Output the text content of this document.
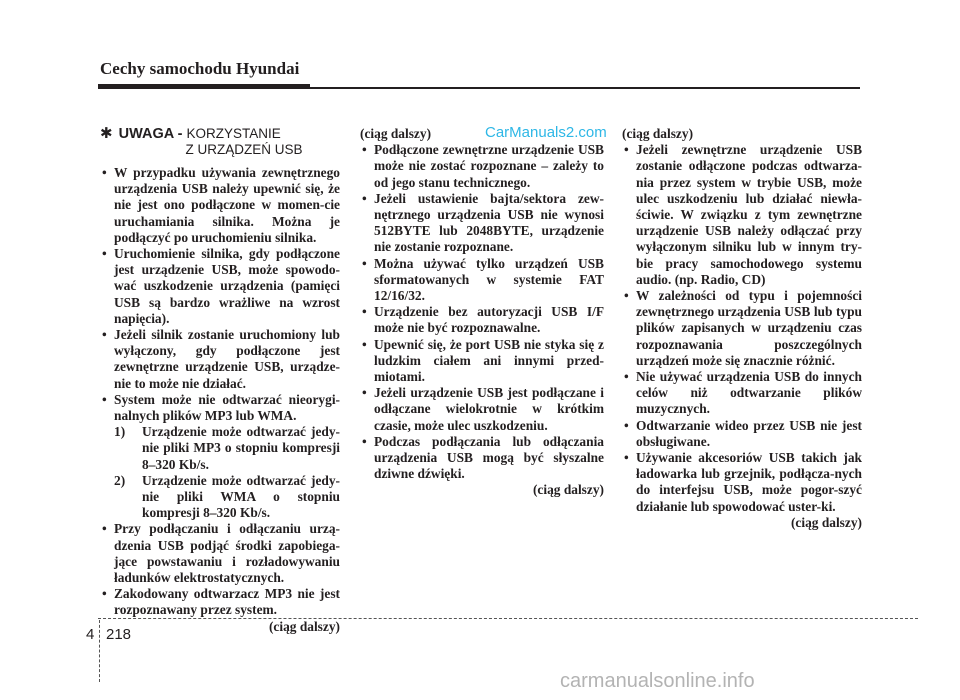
Cechy samochodu Hyundai
CarManuals2.com
✱ UWAGA - KORZYSTANIE
Z URZĄDZEŃ USB
• W przypadku używania zewnętrznego urządzenia USB należy upewnić się, że nie jest ono podłączone w momen-cie uruchamiania silnika. Można je podłączyć po uruchomieniu silnika.
• Uruchomienie silnika, gdy podłączone jest urządzenie USB, może spowodo-wać uszkodzenie urządzenia (pamięci USB są bardzo wrażliwe na wzrost napięcia).
• Jeżeli silnik zostanie uruchomiony lub wyłączony, gdy podłączone jest zewnętrzne urządzenie USB, urządze-nie to może nie działać.
• System może nie odtwarzać nieorygi-nalnych plików MP3 lub WMA.
1) Urządzenie może odtwarzać jedy-nie pliki MP3 o stopniu kompresji 8–320 Kb/s.
2) Urządzenie może odtwarzać jedy-nie pliki WMA o stopniu kompresji 8–320 Kb/s.
• Przy podłączaniu i odłączaniu urzą-dzenia USB podjąć środki zapobiega-jące powstawaniu i rozładowywaniu ładunków elektrostatycznych.
• Zakodowany odtwarzacz MP3 nie jest rozpoznawany przez system.

(ciąg dalszy)

(ciąg dalszy)

• Podłączone zewnętrzne urządzenie USB może nie zostać rozpoznane – zależy to od jego stanu technicznego.
• Jeżeli ustawienie bajta/sektora zew-nętrznego urządzenia USB nie wynosi 512BYTE lub 2048BYTE, urządzenie nie zostanie rozpoznane.
• Można używać tylko urządzeń USB sformatowanych w systemie FAT 12/16/32.
• Urządzenie bez autoryzacji USB I/F może nie być rozpoznawalne.
• Upewnić się, że port USB nie styka się z ludzkim ciałem ani innymi przed-miotami.
• Jeżeli urządzenie USB jest podłączane i odłączane wielokrotnie w krótkim czasie, może ulec uszkodzeniu.
• Podczas podłączania lub odłączania urządzenia USB mogą być słyszalne dziwne dźwięki.

(ciąg dalszy)

(ciąg dalszy)

• Jeżeli zewnętrzne urządzenie USB zostanie odłączone podczas odtwarza-nia przez system w trybie USB, może ulec uszkodzeniu lub działać niewła-ściwie. W związku z tym zewnętrzne urządzenie USB należy odłączać przy wyłączonym silniku lub w innym try-bie pracy samochodowego systemu audio. (np. Radio, CD)
• W zależności od typu i pojemności zewnętrznego urządzenia USB lub typu plików zapisanych w urządzeniu czas rozpoznawania poszczególnych urządzeń może się znacznie różnić.
• Nie używać urządzenia USB do innych celów niż odtwarzanie plików muzycznych.
• Odtwarzanie wideo przez USB nie jest obsługiwane.
• Używanie akcesoriów USB takich jak ładowarka lub grzejnik, podłącza-nych do interfejsu USB, może pogor-szyć działanie lub spowodować uster-ki.

(ciąg dalszy)

4 218
carmanualsonline.info
